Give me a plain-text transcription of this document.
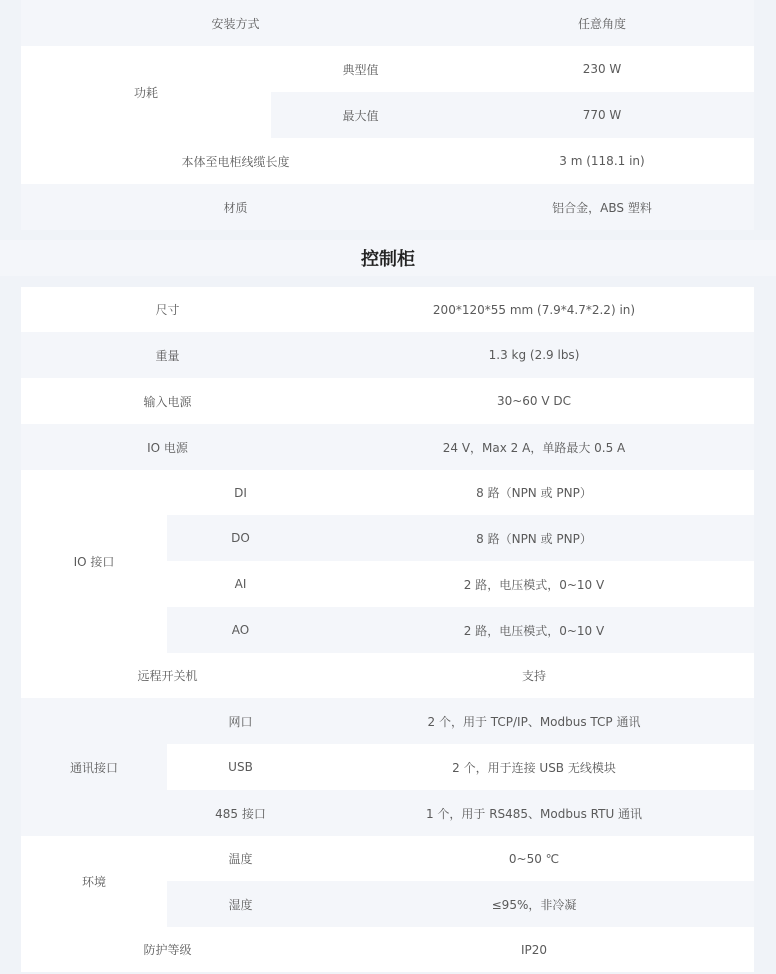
安装方式	任意角度
功耗
典型值	230 W
最大值	770 W
本体至电柜线缆长度	3 m (118.1 in)
材质	铝合金，ABS 塑料
控制柜
尺寸	200*120*55 mm (7.9*4.7*2.2) in)
重量	1.3 kg (2.9 lbs)
输入电源	30~60 V DC
IO 电源	24 V，Max 2 A，单路最大 0.5 A
IO 接口
DI	8 路（NPN 或 PNP）
DO	8 路（NPN 或 PNP）
AI	2 路，电压模式，0~10 V
AO	2 路，电压模式，0~10 V
远程开关机	支持
通讯接口
网口	2 个，用于 TCP/IP、Modbus TCP 通讯
USB	2 个，用于连接 USB 无线模块
485 接口	1 个，用于 RS485、Modbus RTU 通讯
环境
温度	0~50 ℃
湿度	≤95%，非冷凝
防护等级	IP20
